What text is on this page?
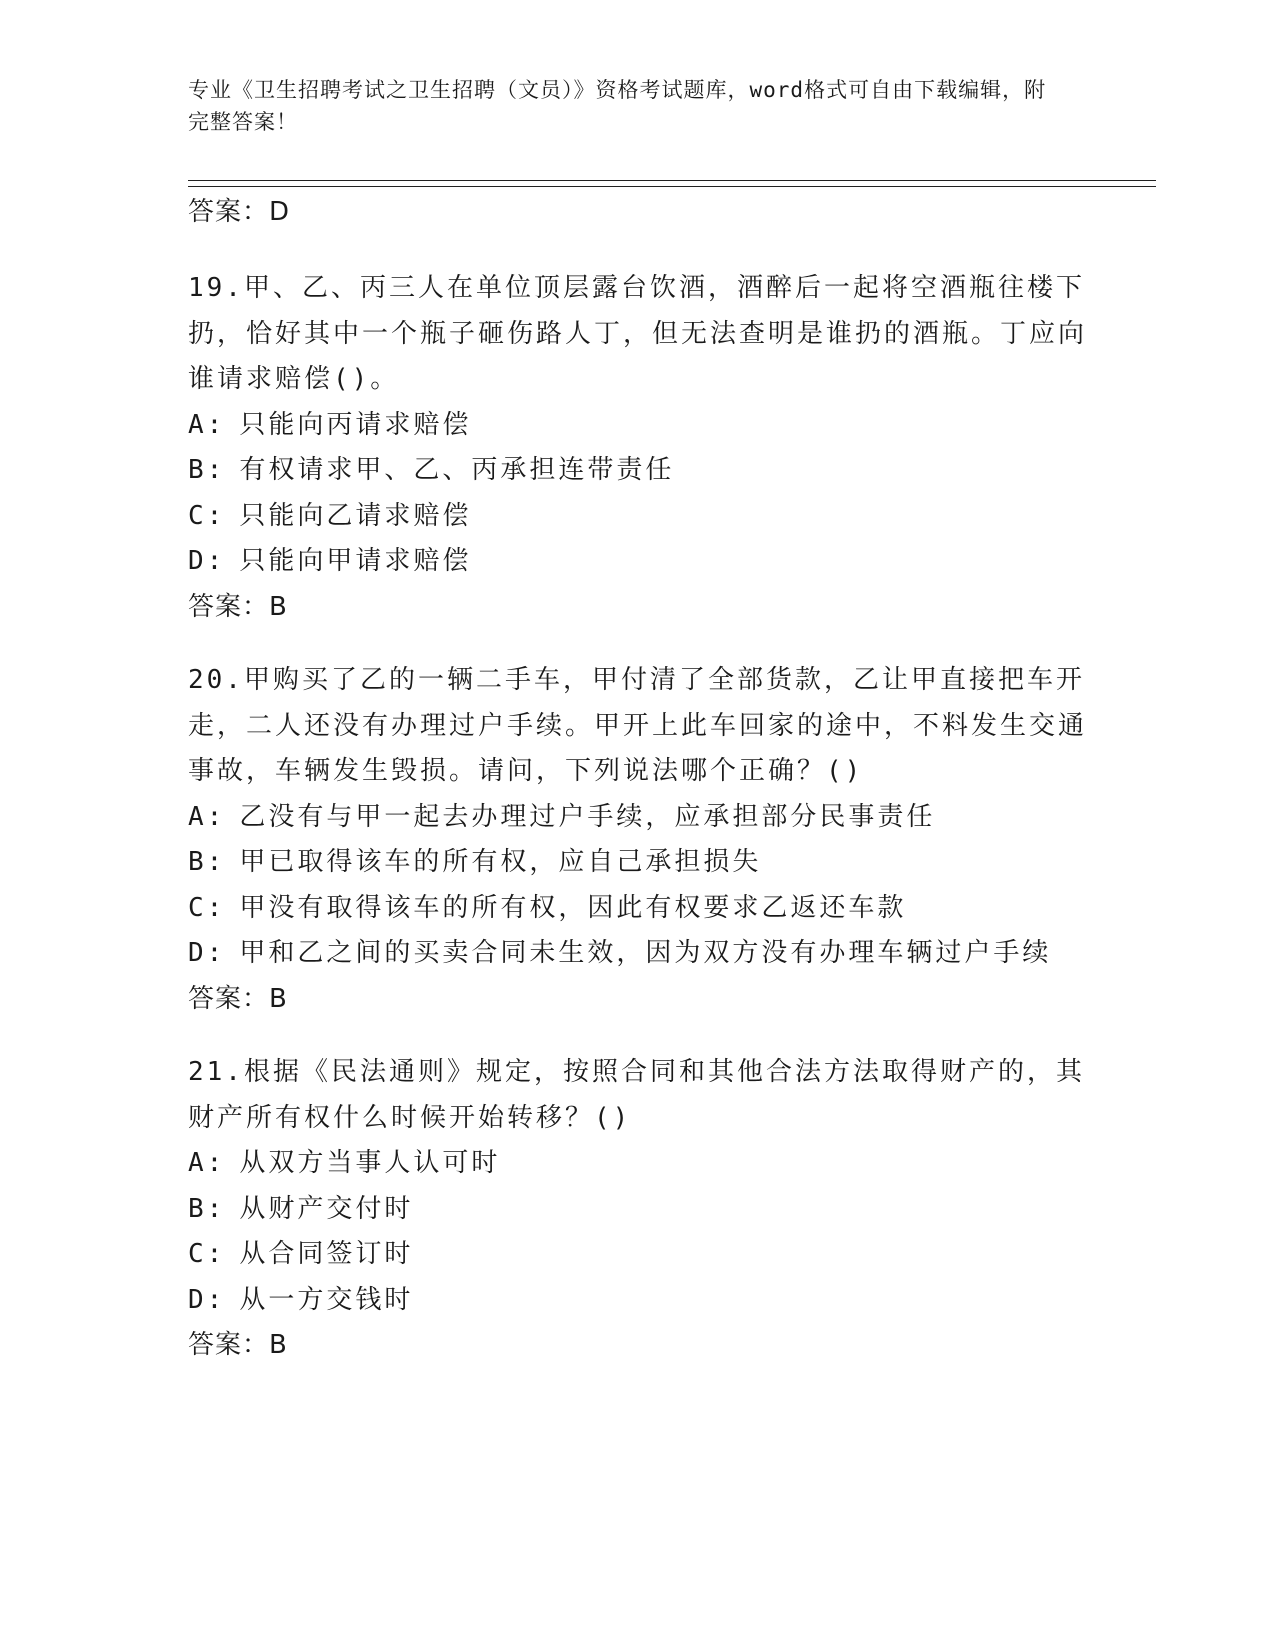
专业《卫生招聘考试之卫生招聘（文员）》资格考试题库，word格式可自由下载编辑，附完整答案！
答案：D
19.甲、乙、丙三人在单位顶层露台饮酒，酒醉后一起将空酒瓶往楼下扔，恰好其中一个瓶子砸伤路人丁，但无法查明是谁扔的酒瓶。丁应向谁请求赔偿()。
A : 只能向丙请求赔偿
B : 有权请求甲、乙、丙承担连带责任
C : 只能向乙请求赔偿
D : 只能向甲请求赔偿
答案：B
20.甲购买了乙的一辆二手车，甲付清了全部货款，乙让甲直接把车开走，二人还没有办理过户手续。甲开上此车回家的途中，不料发生交通事故，车辆发生毁损。请问，下列说法哪个正确？()
A : 乙没有与甲一起去办理过户手续，应承担部分民事责任
B : 甲已取得该车的所有权，应自己承担损失
C : 甲没有取得该车的所有权，因此有权要求乙返还车款
D : 甲和乙之间的买卖合同未生效，因为双方没有办理车辆过户手续
答案：B
21.根据《民法通则》规定，按照合同和其他合法方法取得财产的，其财产所有权什么时候开始转移？()
A : 从双方当事人认可时
B : 从财产交付时
C : 从合同签订时
D : 从一方交钱时
答案：B
